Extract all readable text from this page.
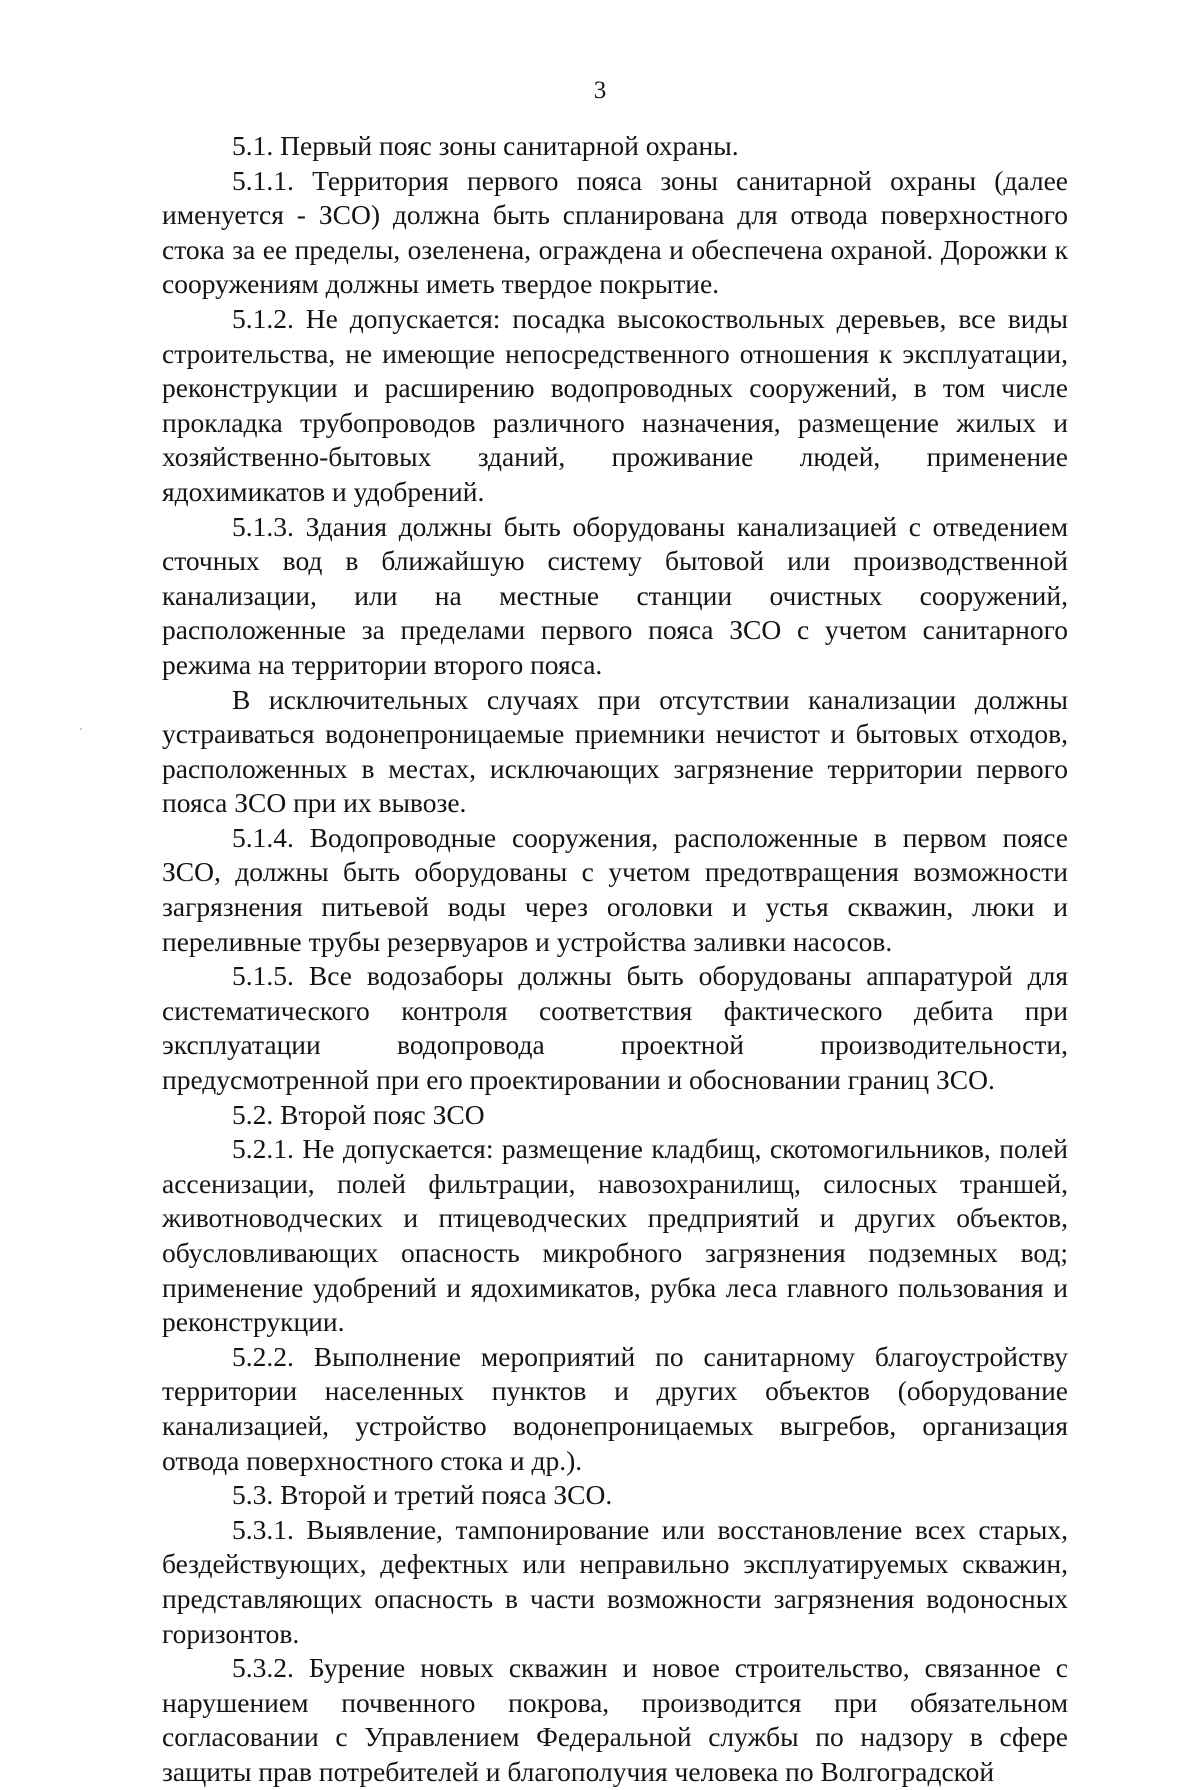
3

5.1. Первый пояс зоны санитарной охраны.

5.1.1. Территория первого пояса зоны санитарной охраны (далее именуется - ЗСО) должна быть спланирована для отвода поверхностного стока за ее пределы, озеленена, ограждена и обеспечена охраной. Дорожки к сооружениям должны иметь твердое покрытие.

5.1.2. Не допускается: посадка высокоствольных деревьев, все виды строительства, не имеющие непосредственного отношения к эксплуатации, реконструкции и расширению водопроводных сооружений, в том числе прокладка трубопроводов различного назначения, размещение жилых и хозяйственно-бытовых зданий, проживание людей, применение ядохимикатов и удобрений.

5.1.3. Здания должны быть оборудованы канализацией с отведением сточных вод в ближайшую систему бытовой или производственной канализации, или на местные станции очистных сооружений, расположенные за пределами первого пояса ЗСО с учетом санитарного режима на территории второго пояса.

В исключительных случаях при отсутствии канализации должны устраиваться водонепроницаемые приемники нечистот и бытовых отходов, расположенных в местах, исключающих загрязнение территории первого пояса ЗСО при их вывозе.

5.1.4. Водопроводные сооружения, расположенные в первом поясе ЗСО, должны быть оборудованы с учетом предотвращения возможности загрязнения питьевой воды через оголовки и устья скважин, люки и переливные трубы резервуаров и устройства заливки насосов.

5.1.5. Все водозаборы должны быть оборудованы аппаратурой для систематического контроля соответствия фактического дебита при эксплуатации водопровода проектной производительности, предусмотренной при его проектировании и обосновании границ ЗСО.

5.2. Второй пояс ЗСО

5.2.1. Не допускается: размещение кладбищ, скотомогильников, полей ассенизации, полей фильтрации, навозохранилищ, силосных траншей, животноводческих и птицеводческих предприятий и других объектов, обусловливающих опасность микробного загрязнения подземных вод; применение удобрений и ядохимикатов, рубка леса главного пользования и реконструкции.

5.2.2. Выполнение мероприятий по санитарному благоустройству территории населенных пунктов и других объектов (оборудование канализацией, устройство водонепроницаемых выгребов, организация отвода поверхностного стока и др.).

5.3. Второй и третий пояса ЗСО.

5.3.1. Выявление, тампонирование или восстановление всех старых, бездействующих, дефектных или неправильно эксплуатируемых скважин, представляющих опасность в части возможности загрязнения водоносных горизонтов.

5.3.2. Бурение новых скважин и новое строительство, связанное с нарушением почвенного покрова, производится при обязательном согласовании с Управлением Федеральной службы по надзору в сфере защиты прав потребителей и благополучия человека по Волгоградской
